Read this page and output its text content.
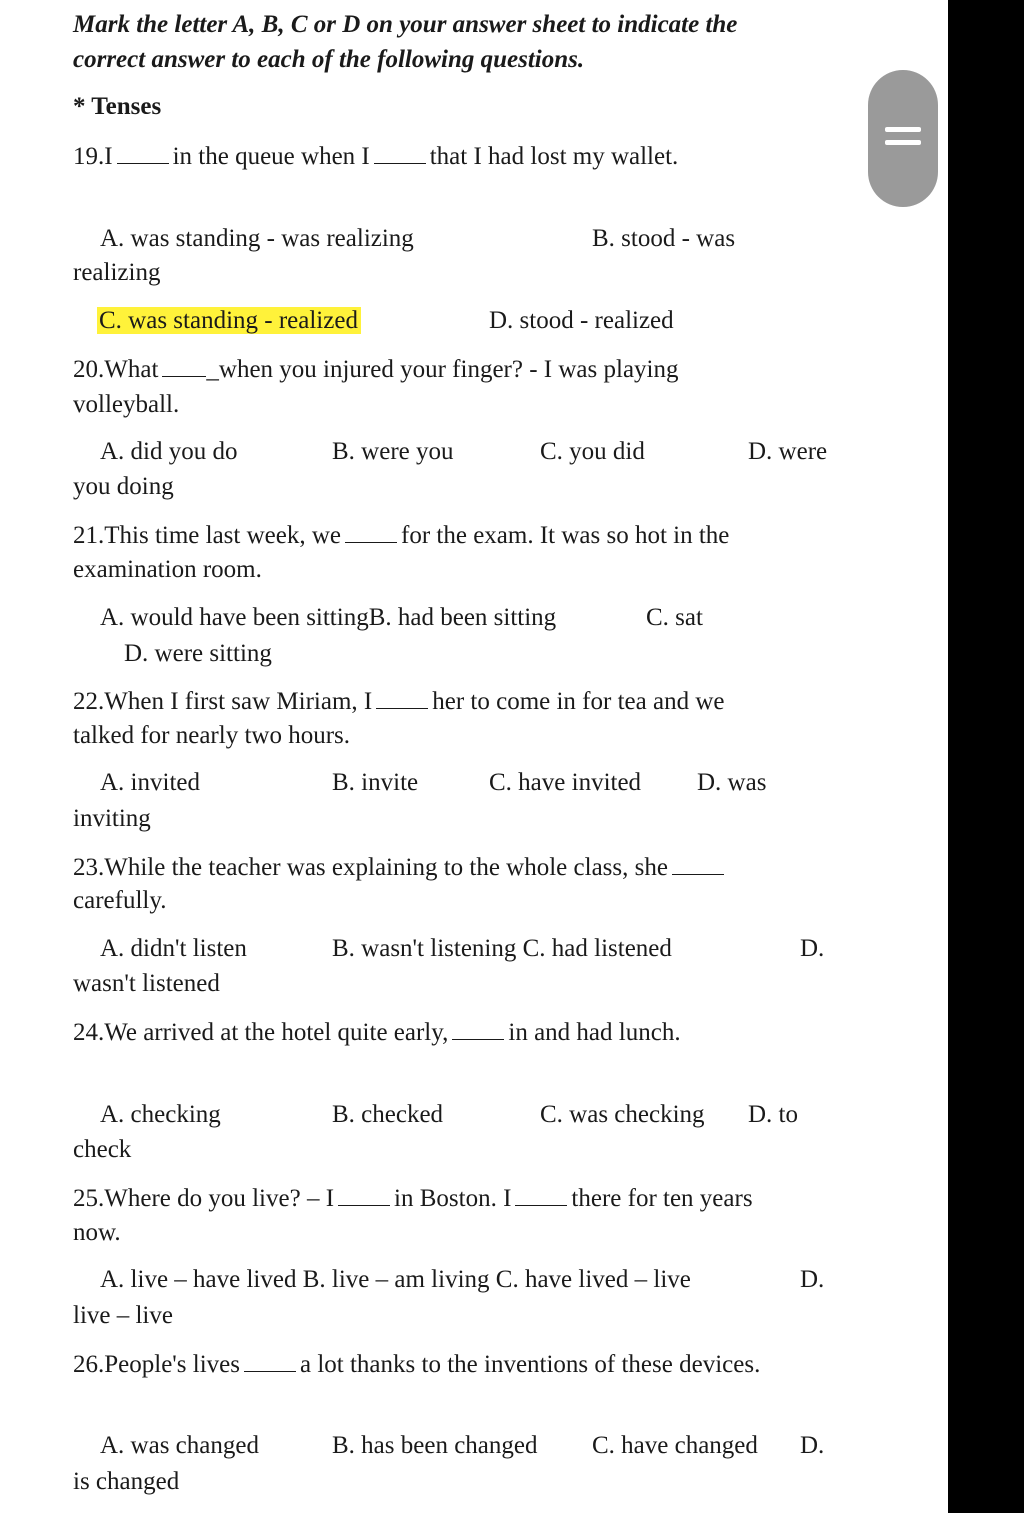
Mark the letter A, B, C or D on your answer sheet to indicate the
correct answer to each of the following questions.
* Tenses
19.I in the queue when I that I had lost my wallet.
A. was standing - was realizing	B. stood - was
realizing
C. was standing - realized	D. stood - realized
20.What _when you injured your finger? - I was playing
volleyball.
A. did you do	B. were you	C. you did	D. were
you doing
21.This time last week, we for the exam. It was so hot in the
examination room.
A. would have been sittingB. had been sitting	C. sat
D. were sitting
22.When I first saw Miriam, I her to come in for tea and we
talked for nearly two hours.
A. invited	B. invite	C. have invited D. was
inviting
23.While the teacher was explaining to the whole class, she
carefully.
A. didn't listen	B. wasn't listening C. had listened	D.
wasn't listened
24.We arrived at the hotel quite early, in and had lunch.
A. checking	B. checked	C. was checking D. to
check
25.Where do you live? – I in Boston. I there for ten years
now.
A. live – have lived B. live – am living C. have lived – live	D.
live – live
26.People's lives a lot thanks to the inventions of these devices.
A. was changed	B. has been changed C. have changed D.
is changed
